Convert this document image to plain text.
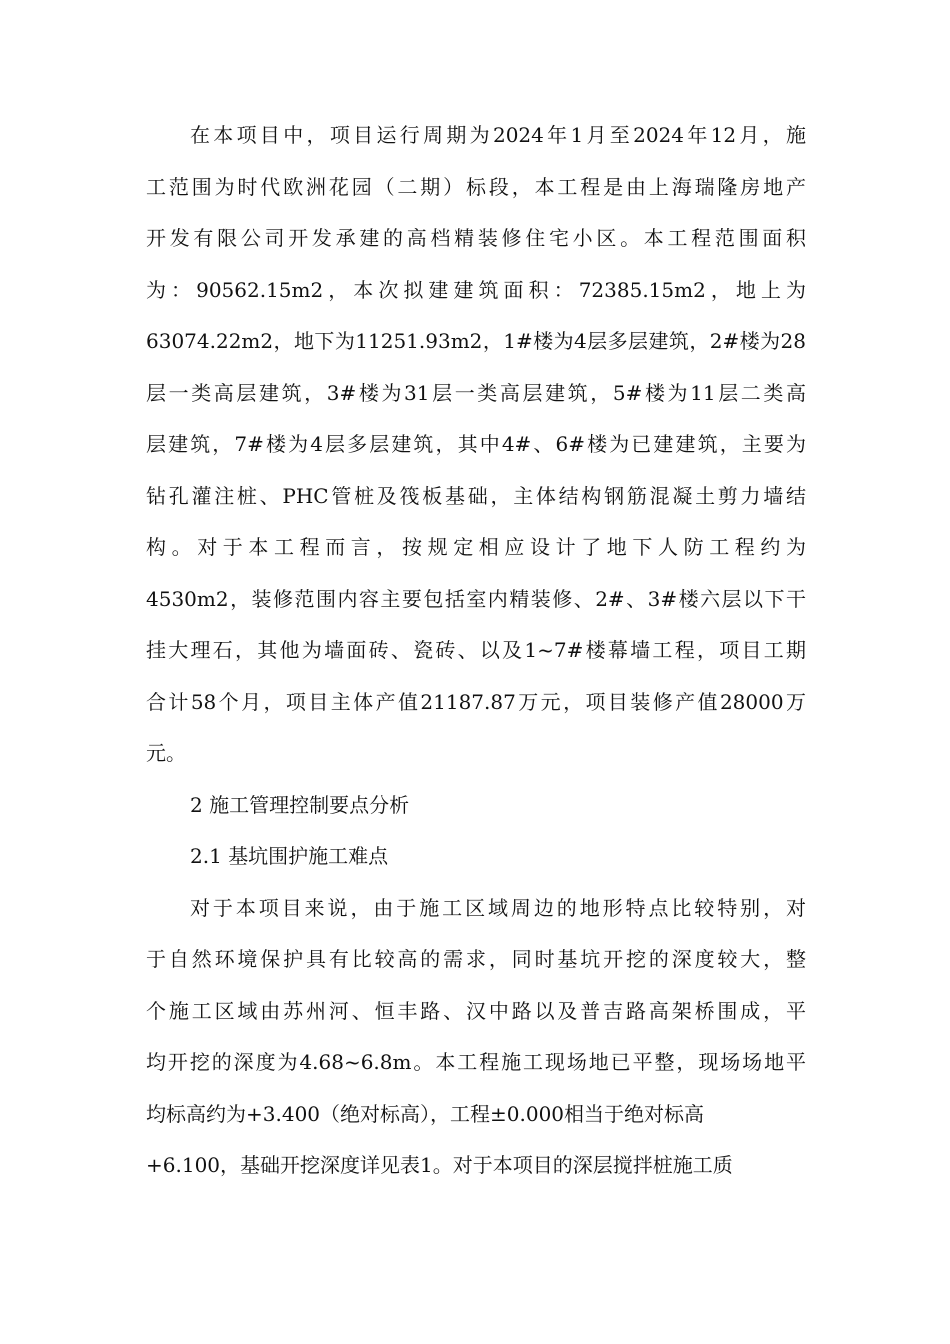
在本项目中，项目运行周期为2024年1月至2024年12月，施
工范围为时代欧洲花园（二期）标段，本工程是由上海瑞隆房地产
开发有限公司开发承建的高档精装修住宅小区。本工程范围面积
为：90562.15m2，本次拟建建筑面积：72385.15m2，地上为
63074.22m2，地下为11251.93m2，1#楼为4层多层建筑，2#楼为28
层一类高层建筑，3#楼为31层一类高层建筑，5#楼为11层二类高
层建筑，7#楼为4层多层建筑，其中4#、6#楼为已建建筑，主要为
钻孔灌注桩、PHC管桩及筏板基础，主体结构钢筋混凝土剪力墙结
构。对于本工程而言，按规定相应设计了地下人防工程约为
4530m2，装修范围内容主要包括室内精装修、2#、3#楼六层以下干
挂大理石，其他为墙面砖、瓷砖、以及1~7#楼幕墙工程，项目工期
合计58个月，项目主体产值21187.87万元，项目装修产值28000万
元。
2 施工管理控制要点分析
2.1 基坑围护施工难点
对于本项目来说，由于施工区域周边的地形特点比较特别，对
于自然环境保护具有比较高的需求，同时基坑开挖的深度较大，整
个施工区域由苏州河、恒丰路、汉中路以及普吉路高架桥围成，平
均开挖的深度为4.68~6.8m。本工程施工现场地已平整，现场场地平
均标高约为+3.400（绝对标高），工程±0.000相当于绝对标高
+6.100，基础开挖深度详见表1。对于本项目的深层搅拌桩施工质
